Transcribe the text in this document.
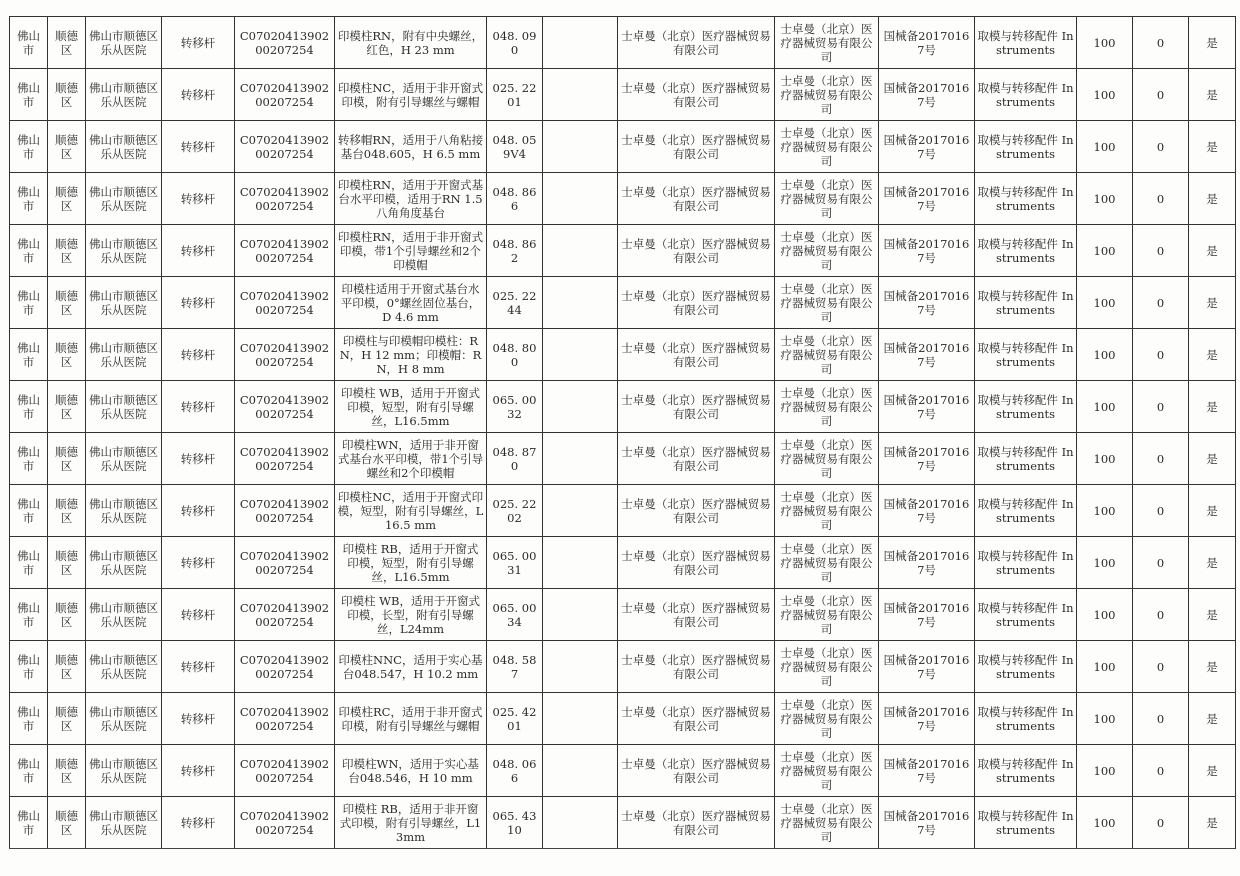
佛山市	顺德区	佛山市顺德区乐从医院	转移杆	C0702041390200207254	印模柱RN，附有中央螺丝，红色，H 23 mm	048. 090		士卓曼（北京）医疗器械贸易有限公司	士卓曼（北京）医疗器械贸易有限公司	国械备20170167号	取模与转移配件 Instruments	100	0	是
佛山市	顺德区	佛山市顺德区乐从医院	转移杆	C0702041390200207254	印模柱NC，适用于非开窗式印模，附有引导螺丝与螺帽	025. 2201		士卓曼（北京）医疗器械贸易有限公司	士卓曼（北京）医疗器械贸易有限公司	国械备20170167号	取模与转移配件 Instruments	100	0	是
佛山市	顺德区	佛山市顺德区乐从医院	转移杆	C0702041390200207254	转移帽RN，适用于八角粘接基台048.605，H 6.5 mm	048. 059V4		士卓曼（北京）医疗器械贸易有限公司	士卓曼（北京）医疗器械贸易有限公司	国械备20170167号	取模与转移配件 Instruments	100	0	是
佛山市	顺德区	佛山市顺德区乐从医院	转移杆	C0702041390200207254	印模柱RN，适用于开窗式基台水平印模，适用于RN 1.5八角角度基台	048. 866		士卓曼（北京）医疗器械贸易有限公司	士卓曼（北京）医疗器械贸易有限公司	国械备20170167号	取模与转移配件 Instruments	100	0	是
佛山市	顺德区	佛山市顺德区乐从医院	转移杆	C0702041390200207254	印模柱RN，适用于非开窗式印模，带1个引导螺丝和2个印模帽	048. 862		士卓曼（北京）医疗器械贸易有限公司	士卓曼（北京）医疗器械贸易有限公司	国械备20170167号	取模与转移配件 Instruments	100	0	是
佛山市	顺德区	佛山市顺德区乐从医院	转移杆	C0702041390200207254	印模柱适用于开窗式基台水平印模，0°螺丝固位基台，D 4.6 mm	025. 2244		士卓曼（北京）医疗器械贸易有限公司	士卓曼（北京）医疗器械贸易有限公司	国械备20170167号	取模与转移配件 Instruments	100	0	是
佛山市	顺德区	佛山市顺德区乐从医院	转移杆	C0702041390200207254	印模柱与印模帽印模柱：RN，H 12 mm；印模帽：RN，H 8 mm	048. 800		士卓曼（北京）医疗器械贸易有限公司	士卓曼（北京）医疗器械贸易有限公司	国械备20170167号	取模与转移配件 Instruments	100	0	是
佛山市	顺德区	佛山市顺德区乐从医院	转移杆	C0702041390200207254	印模柱 WB，适用于开窗式印模，短型，附有引导螺丝，L16.5mm	065. 0032		士卓曼（北京）医疗器械贸易有限公司	士卓曼（北京）医疗器械贸易有限公司	国械备20170167号	取模与转移配件 Instruments	100	0	是
佛山市	顺德区	佛山市顺德区乐从医院	转移杆	C0702041390200207254	印模柱WN，适用于非开窗式基台水平印模，带1个引导螺丝和2个印模帽	048. 870		士卓曼（北京）医疗器械贸易有限公司	士卓曼（北京）医疗器械贸易有限公司	国械备20170167号	取模与转移配件 Instruments	100	0	是
佛山市	顺德区	佛山市顺德区乐从医院	转移杆	C0702041390200207254	印模柱NC，适用于开窗式印模，短型，附有引导螺丝，L 16.5 mm	025. 2202		士卓曼（北京）医疗器械贸易有限公司	士卓曼（北京）医疗器械贸易有限公司	国械备20170167号	取模与转移配件 Instruments	100	0	是
佛山市	顺德区	佛山市顺德区乐从医院	转移杆	C0702041390200207254	印模柱 RB，适用于开窗式印模，短型，附有引导螺丝，L16.5mm	065. 0031		士卓曼（北京）医疗器械贸易有限公司	士卓曼（北京）医疗器械贸易有限公司	国械备20170167号	取模与转移配件 Instruments	100	0	是
佛山市	顺德区	佛山市顺德区乐从医院	转移杆	C0702041390200207254	印模柱 WB，适用于开窗式印模，长型，附有引导螺丝，L24mm	065. 0034		士卓曼（北京）医疗器械贸易有限公司	士卓曼（北京）医疗器械贸易有限公司	国械备20170167号	取模与转移配件 Instruments	100	0	是
佛山市	顺德区	佛山市顺德区乐从医院	转移杆	C0702041390200207254	印模柱NNC，适用于实心基台048.547，H 10.2 mm	048. 587		士卓曼（北京）医疗器械贸易有限公司	士卓曼（北京）医疗器械贸易有限公司	国械备20170167号	取模与转移配件 Instruments	100	0	是
佛山市	顺德区	佛山市顺德区乐从医院	转移杆	C0702041390200207254	印模柱RC，适用于非开窗式印模，附有引导螺丝与螺帽	025. 4201		士卓曼（北京）医疗器械贸易有限公司	士卓曼（北京）医疗器械贸易有限公司	国械备20170167号	取模与转移配件 Instruments	100	0	是
佛山市	顺德区	佛山市顺德区乐从医院	转移杆	C0702041390200207254	印模柱WN，适用于实心基台048.546，H 10 mm	048. 066		士卓曼（北京）医疗器械贸易有限公司	士卓曼（北京）医疗器械贸易有限公司	国械备20170167号	取模与转移配件 Instruments	100	0	是
佛山市	顺德区	佛山市顺德区乐从医院	转移杆	C0702041390200207254	印模柱 RB，适用于非开窗式印模，附有引导螺丝，L13mm	065. 4310		士卓曼（北京）医疗器械贸易有限公司	士卓曼（北京）医疗器械贸易有限公司	国械备20170167号	取模与转移配件 Instruments	100	0	是
